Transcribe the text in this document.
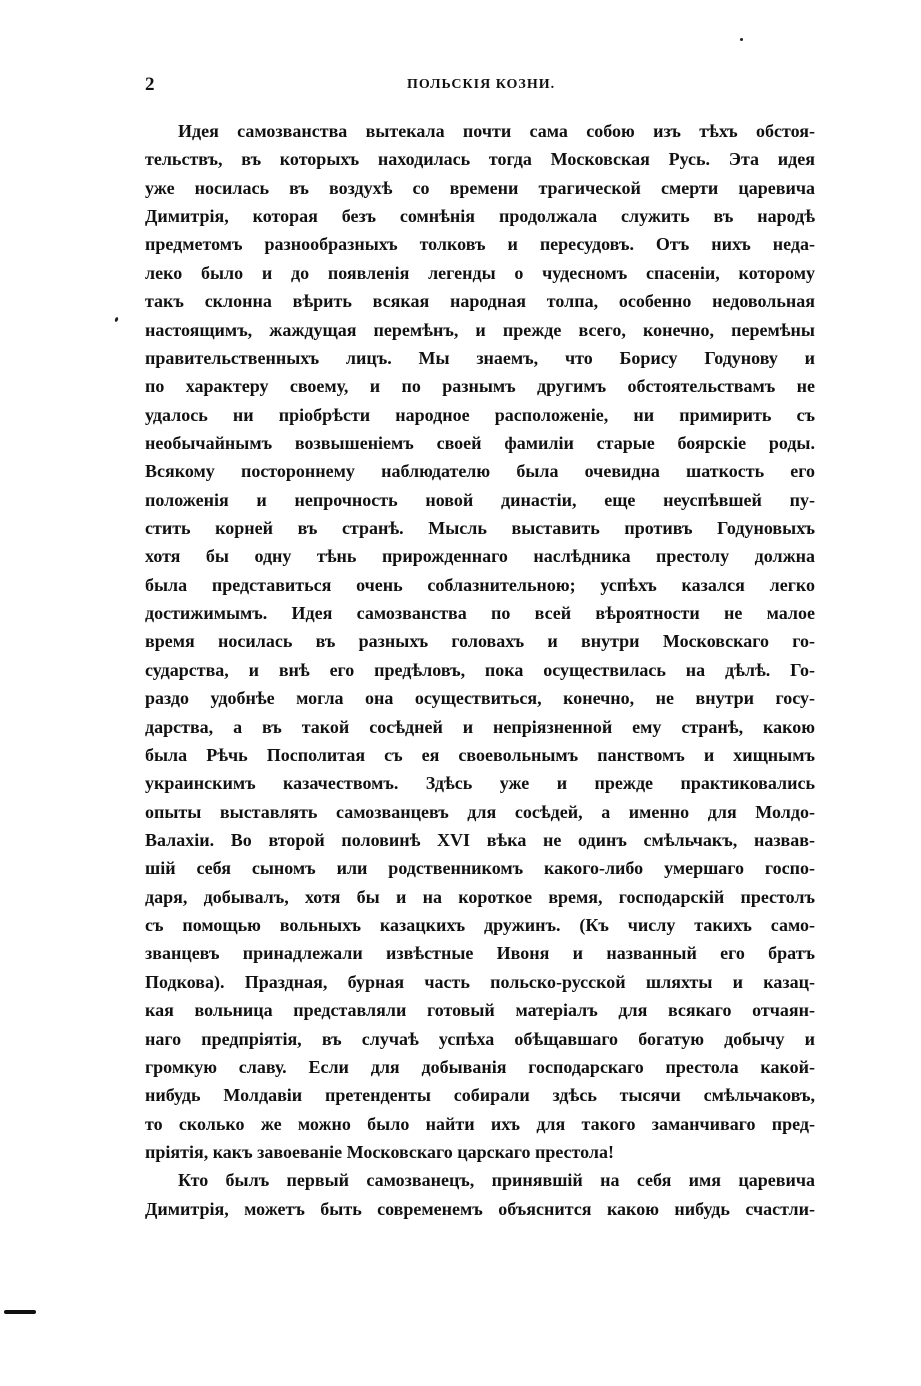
2	ПОЛЬСКІЯ КОЗНИ.
Идея самозванства вытекала почти сама собою изъ тѣхъ обстоя-
тельствъ, въ которыхъ находилась тогда Московская Русь. Эта идея
уже носилась въ воздухѣ со времени трагической смерти царевича
Димитрія, которая безъ сомнѣнія продолжала служить въ народѣ
предметомъ разнообразныхъ толковъ и пересудовъ. Отъ нихъ неда-
леко было и до появленія легенды о чудесномъ спасеніи, которому
такъ склонна вѣрить всякая народная толпа, особенно недовольная
настоящимъ, жаждущая перемѣнъ, и прежде всего, конечно, перемѣны
правительственныхъ лицъ. Мы знаемъ, что Борису Годунову и
по характеру своему, и по разнымъ другимъ обстоятельствамъ не
удалось ни пріобрѣсти народное расположеніе, ни примирить съ
необычайнымъ возвышеніемъ своей фамиліи старые боярскіе роды.
Всякому постороннему наблюдателю была очевидна шаткость его
положенія и непрочность новой династіи, еще неуспѣвшей пу-
стить корней въ странѣ. Мысль выставить противъ Годуновыхъ
хотя бы одну тѣнь прирожденнаго наслѣдника престолу должна
была представиться очень соблазнительною; успѣхъ казался легко
достижимымъ. Идея самозванства по всей вѣроятности не малое
время носилась въ разныхъ головахъ и внутри Московскаго го-
сударства, и внѣ его предѣловъ, пока осуществилась на дѣлѣ. Го-
раздо удобнѣе могла она осуществиться, конечно, не внутри госу-
дарства, а въ такой сосѣдней и непріязненной ему странѣ, какою
была Рѣчь Посполитая съ ея своевольнымъ панствомъ и хищнымъ
украинскимъ казачествомъ. Здѣсь уже и прежде практиковались
опыты выставлять самозванцевъ для сосѣдей, а именно для Молдо-
Валахіи. Во второй половинѣ XVI вѣка не одинъ смѣльчакъ, назвав-
шій себя сыномъ или родственникомъ какого-либо умершаго госпо-
даря, добывалъ, хотя бы и на короткое время, господарскій престолъ
съ помощью вольныхъ казацкихъ дружинъ. (Къ числу такихъ само-
званцевъ принадлежали извѣстные Ивоня и названный его братъ
Подкова). Праздная, бурная часть польско-русской шляхты и казац-
кая вольница представляли готовый матеріалъ для всякаго отчаян-
наго предпріятія, въ случаѣ успѣха обѣщавшаго богатую добычу и
громкую славу. Если для добыванія господарскаго престола какой-
нибудь Молдавіи претенденты собирали здѣсь тысячи смѣльчаковъ,
то сколько же можно было найти ихъ для такого заманчиваго пред-
пріятія, какъ завоеваніе Московскаго царскаго престола!
Кто былъ первый самозванецъ, принявшій на себя имя царевича
Димитрія, можетъ быть современемъ объяснится какою нибудь счастли-
